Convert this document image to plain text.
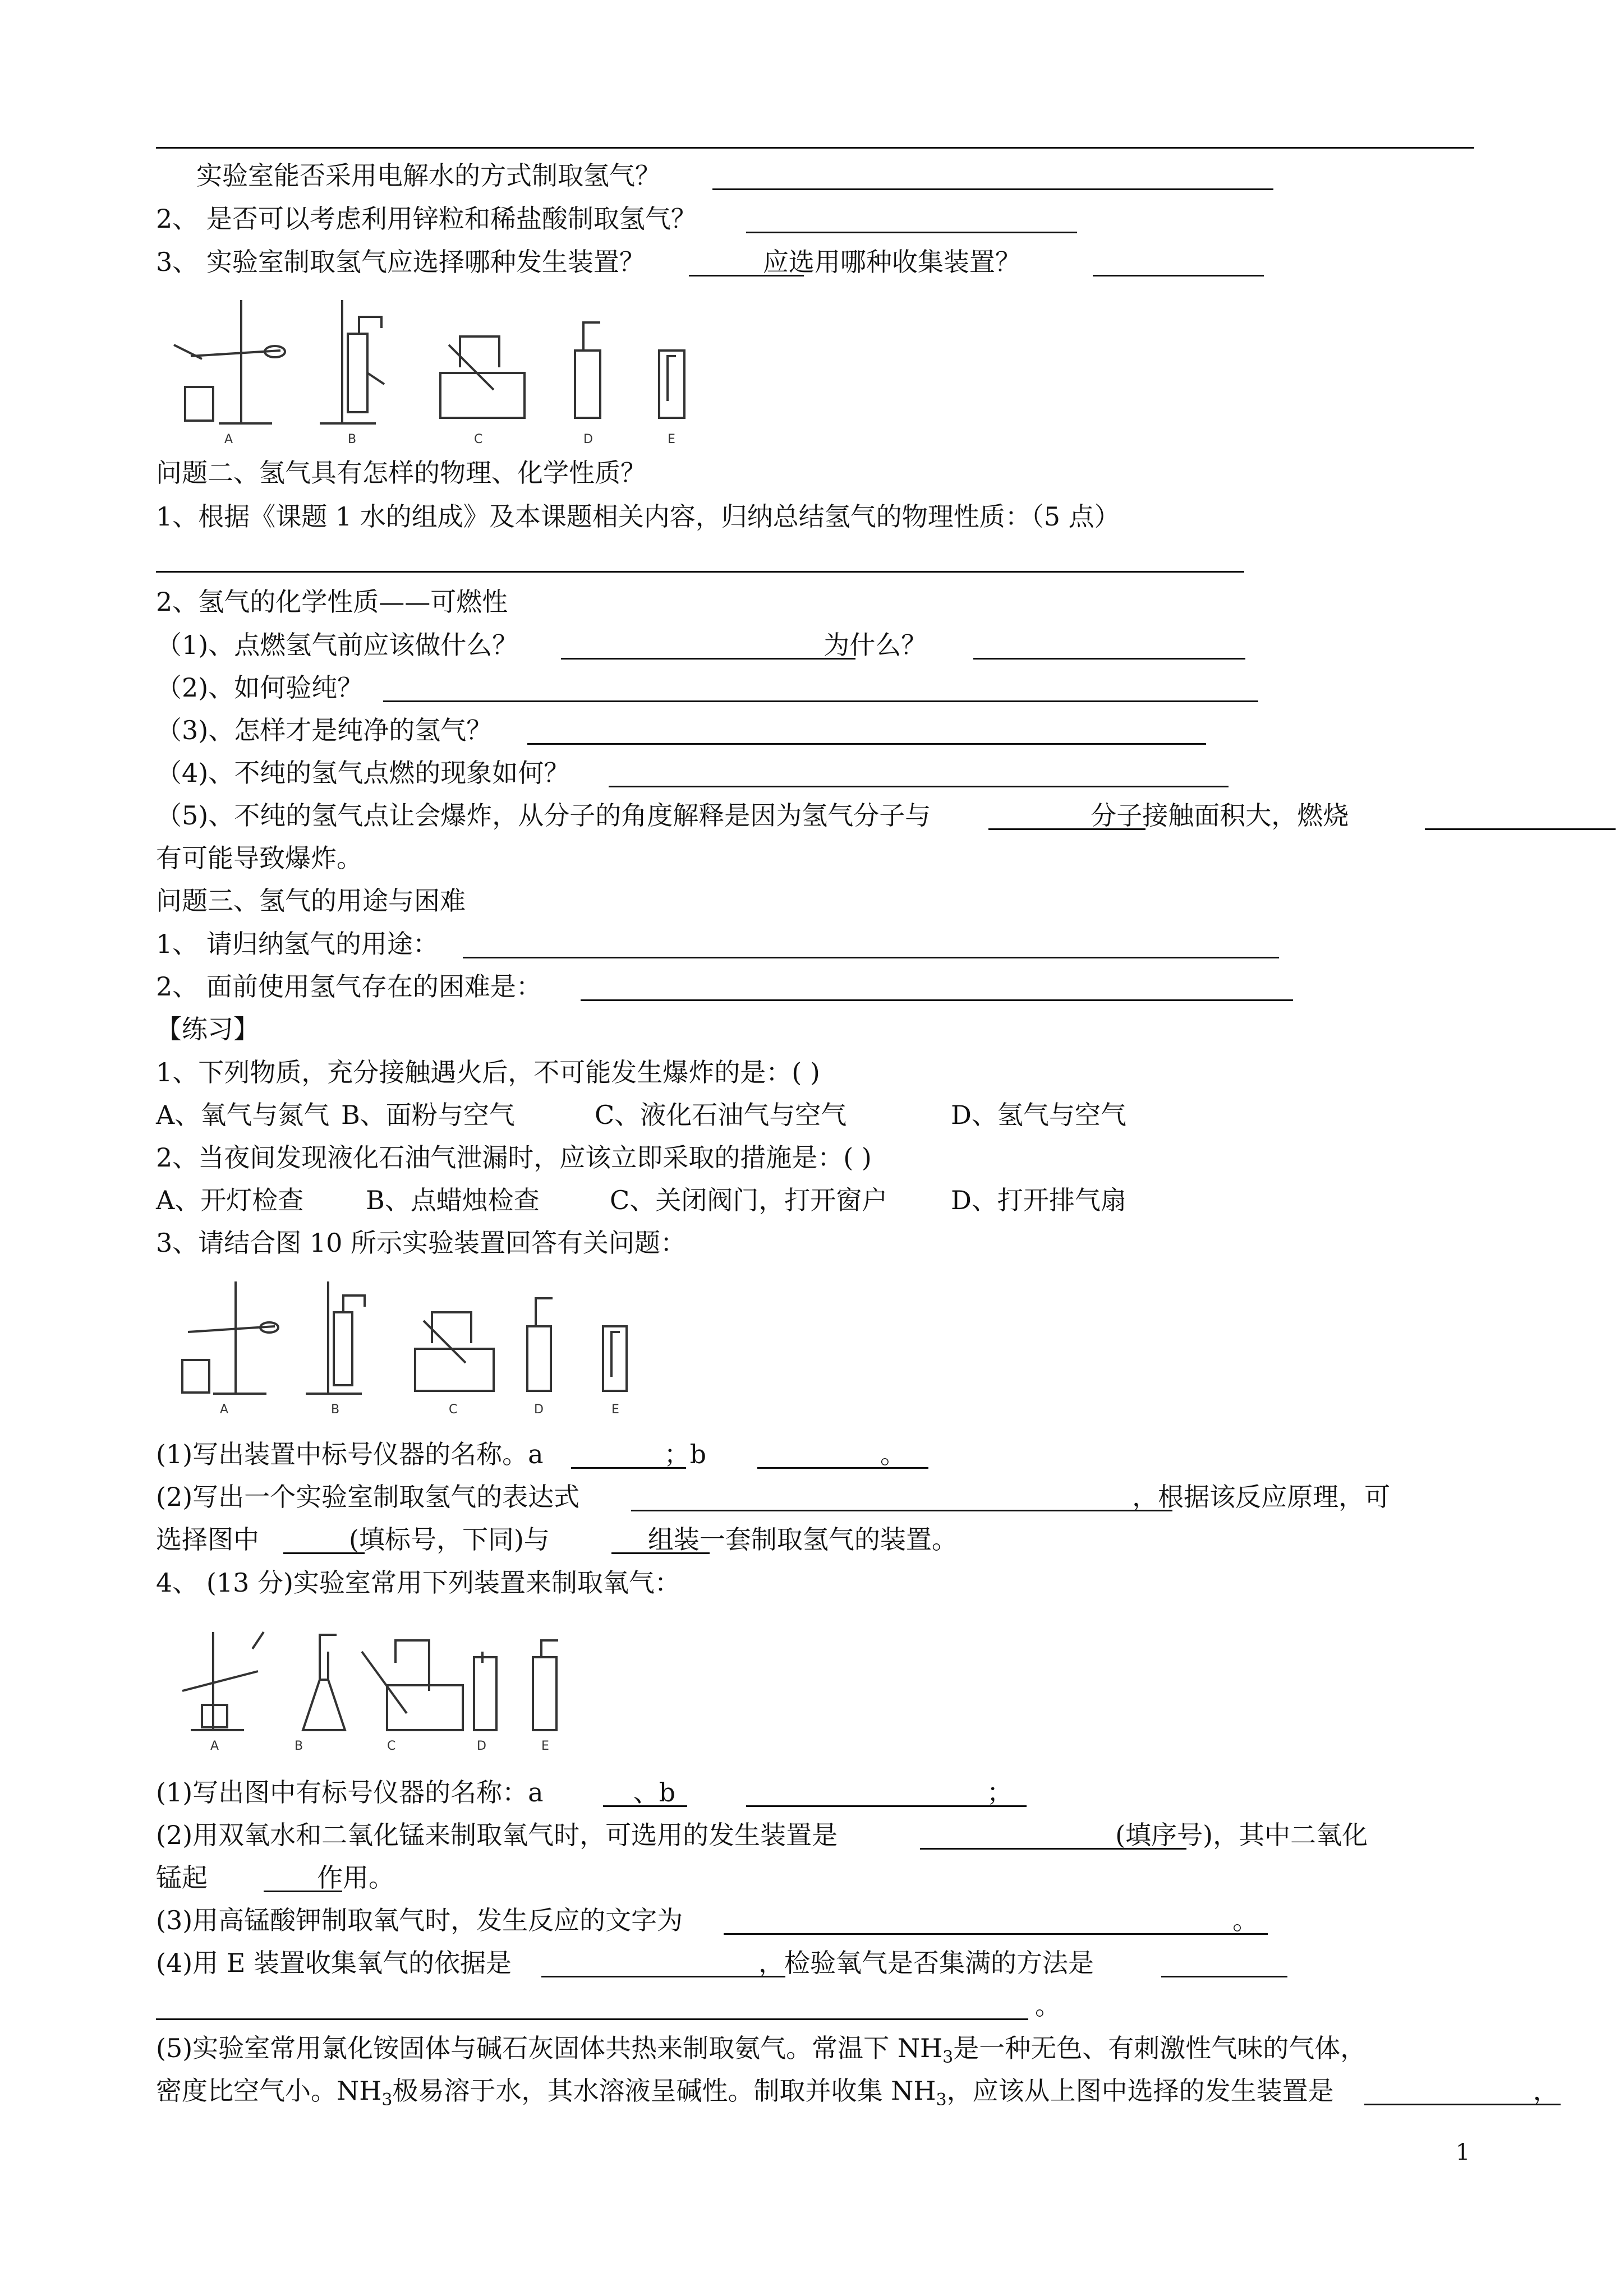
实验室能否采用电解水的方式制取氢气？
2、 是否可以考虑利用锌粒和稀盐酸制取氢气？
3、 实验室制取氢气应选择哪种发生装置？	应选用哪种收集装置？
A	B	C	D	E
问题二、氢气具有怎样的物理、化学性质？
1、根据《课题 1 水的组成》及本课题相关内容，归纳总结氢气的物理性质：（5 点）
2、氢气的化学性质——可燃性
（1)、点燃氢气前应该做什么？	为什么？
（2)、如何验纯？
（3)、怎样才是纯净的氢气？
（4)、不纯的氢气点燃的现象如何？
（5)、不纯的氢气点让会爆炸，从分子的角度解释是因为氢气分子与	分子接触面积大，燃烧
有可能导致爆炸。
问题三、氢气的用途与困难
1、 请归纳氢气的用途：
2、 面前使用氢气存在的困难是：
【练习】
1、下列物质，充分接触遇火后，不可能发生爆炸的是：( )
A、氧气与氮气 B、面粉与空气	C、液化石油气与空气	D、氢气与空气
2、当夜间发现液化石油气泄漏时，应该立即采取的措施是：( )
A、开灯检查 B、点蜡烛检查	C、关闭阀门，打开窗户 D、打开排气扇
3、请结合图 10 所示实验装置回答有关问题：
A	B	C	D	E
(1)写出装置中标号仪器的名称。a	；b	。
(2)写出一个实验室制取氢气的表达式	，根据该反应原理，可
选择图中	(填标号，下同)与	组装一套制取氢气的装置。
4、 (13 分)实验室常用下列装置来制取氧气：
A	B	C	D	E
(1)写出图中有标号仪器的名称：a	、b	；
(2)用双氧水和二氧化锰来制取氧气时，可选用的发生装置是	(填序号)，其中二氧化
锰起	作用。
(3)用高锰酸钾制取氧气时，发生反应的文字为	。
(4)用 E 装置收集氧气的依据是	，检验氧气是否集满的方法是
。
(5)实验室常用氯化铵固体与碱石灰固体共热来制取氨气。常温下 $NH_3$是一种无色、有刺激性气味的气体，
密度比空气小。$NH_3$极易溶于水，其水溶液呈碱性。制取并收集 $NH_3$，应该从上图中选择的发生装置是	，
1
